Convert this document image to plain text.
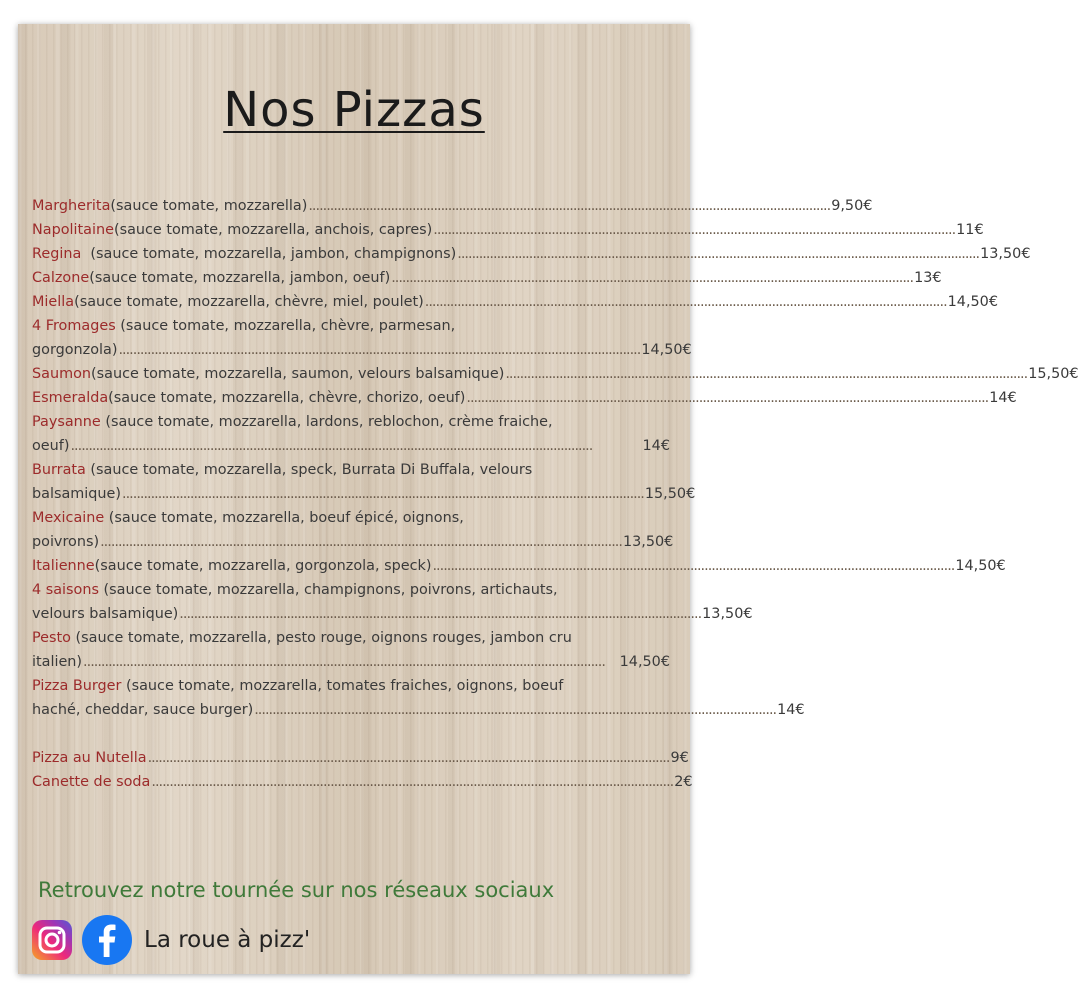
Nos Pizzas
Margherita (sauce tomate, mozzarella) .................................................................................................................................................. 9,50€
Napolitaine (sauce tomate, mozzarella, anchois, capres) .................................................................................................................................................. 11€
Regina (sauce tomate, mozzarella, jambon, champignons) .................................................................................................................................................. 13,50€
Calzone (sauce tomate, mozzarella, jambon, oeuf) .................................................................................................................................................. 13€
Miella (sauce tomate, mozzarella, chèvre, miel, poulet) .................................................................................................................................................. 14,50€
4 Fromages (sauce tomate, mozzarella, chèvre, parmesan,
gorgonzola) .................................................................................................................................................. 14,50€
Saumon (sauce tomate, mozzarella, saumon, velours balsamique) .................................................................................................................................................. 15,50€
Esmeralda (sauce tomate, mozzarella, chèvre, chorizo, oeuf) .................................................................................................................................................. 14€
Paysanne (sauce tomate, mozzarella, lardons, reblochon, crème fraiche,
oeuf) ..................................................................................................................................................	14€
Burrata (sauce tomate, mozzarella, speck, Burrata Di Buffala, velours
balsamique) .................................................................................................................................................. 15,50€
Mexicaine (sauce tomate, mozzarella, boeuf épicé, oignons,
poivrons) .................................................................................................................................................. 13,50€
Italienne (sauce tomate, mozzarella, gorgonzola, speck) .................................................................................................................................................. 14,50€
4 saisons (sauce tomate, mozzarella, champignons, poivrons, artichauts,
velours balsamique) .................................................................................................................................................. 13,50€
Pesto (sauce tomate, mozzarella, pesto rouge, oignons rouges, jambon cru
italien) ..................................................................................................................................................	14,50€
Pizza Burger (sauce tomate, mozzarella, tomates fraiches, oignons, boeuf
haché, cheddar, sauce burger) .................................................................................................................................................. 14€
Pizza au Nutella .................................................................................................................................................. 9€
Canette de soda .................................................................................................................................................. 2€
Retrouvez notre tournée sur nos réseaux sociaux
La roue à pizz'
